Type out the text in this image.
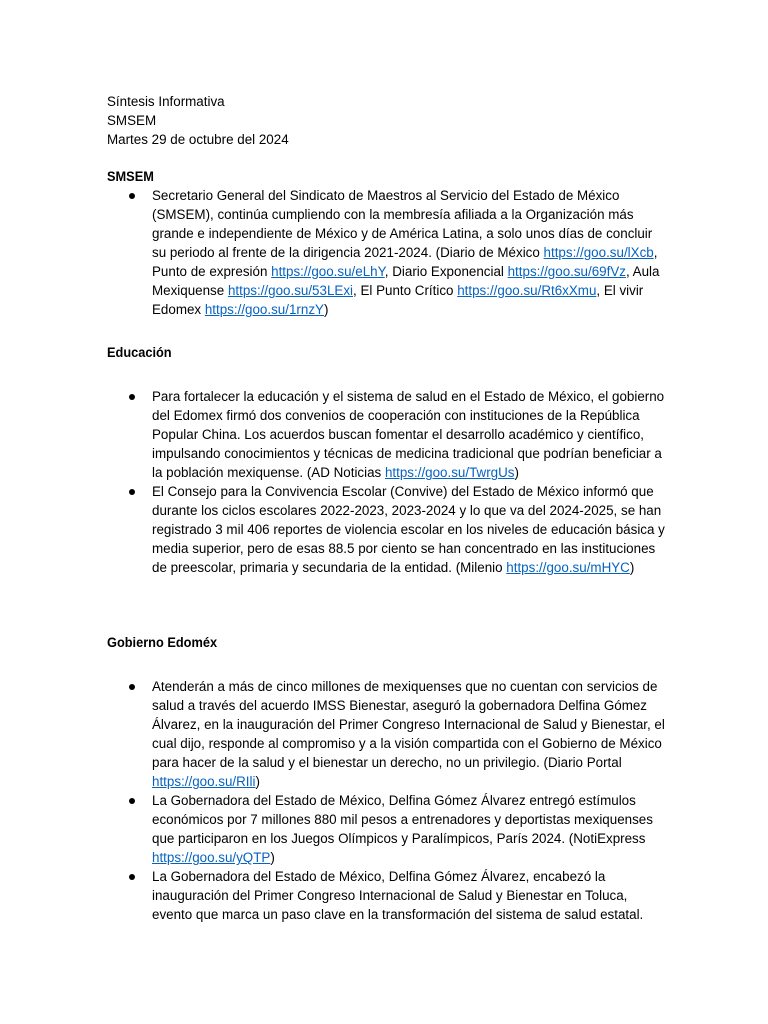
Síntesis Informativa
SMSEM
Martes 29 de octubre del 2024
SMSEM
Secretario General del Sindicato de Maestros al Servicio del Estado de México (SMSEM), continúa cumpliendo con la membresía afiliada a la Organización más grande e independiente de México y de América Latina, a solo unos días de concluir su periodo al frente de la dirigencia 2021-2024. (Diario de México https://goo.su/lXcb, Punto de expresión https://goo.su/eLhY, Diario Exponencial https://goo.su/69fVz, Aula Mexiquense https://goo.su/53LExi, El Punto Crítico https://goo.su/Rt6xXmu, El vivir Edomex https://goo.su/1rnzY)
Educación
Para fortalecer la educación y el sistema de salud en el Estado de México, el gobierno del Edomex firmó dos convenios de cooperación con instituciones de la República Popular China. Los acuerdos buscan fomentar el desarrollo académico y científico, impulsando conocimientos y técnicas de medicina tradicional que podrían beneficiar a la población mexiquense. (AD Noticias https://goo.su/TwrgUs)
El Consejo para la Convivencia Escolar (Convive) del Estado de México informó que durante los ciclos escolares 2022-2023, 2023-2024 y lo que va del 2024-2025, se han registrado 3 mil 406 reportes de violencia escolar en los niveles de educación básica y media superior, pero de esas 88.5 por ciento se han concentrado en las instituciones de preescolar, primaria y secundaria de la entidad. (Milenio https://goo.su/mHYC)
Gobierno Edoméx
Atenderán a más de cinco millones de mexiquenses que no cuentan con servicios de salud a través del acuerdo IMSS Bienestar, aseguró la gobernadora Delfina Gómez Álvarez, en la inauguración del Primer Congreso Internacional de Salud y Bienestar, el cual dijo, responde al compromiso y a la visión compartida con el Gobierno de México para hacer de la salud y el bienestar un derecho, no un privilegio. (Diario Portal https://goo.su/RIli)
La Gobernadora del Estado de México, Delfina Gómez Álvarez entregó estímulos económicos por 7 millones 880 mil pesos a entrenadores y deportistas mexiquenses que participaron en los Juegos Olímpicos y Paralímpicos, París 2024. (NotiExpress https://goo.su/yQTP)
La Gobernadora del Estado de México, Delfina Gómez Álvarez, encabezó la inauguración del Primer Congreso Internacional de Salud y Bienestar en Toluca, evento que marca un paso clave en la transformación del sistema de salud estatal.
